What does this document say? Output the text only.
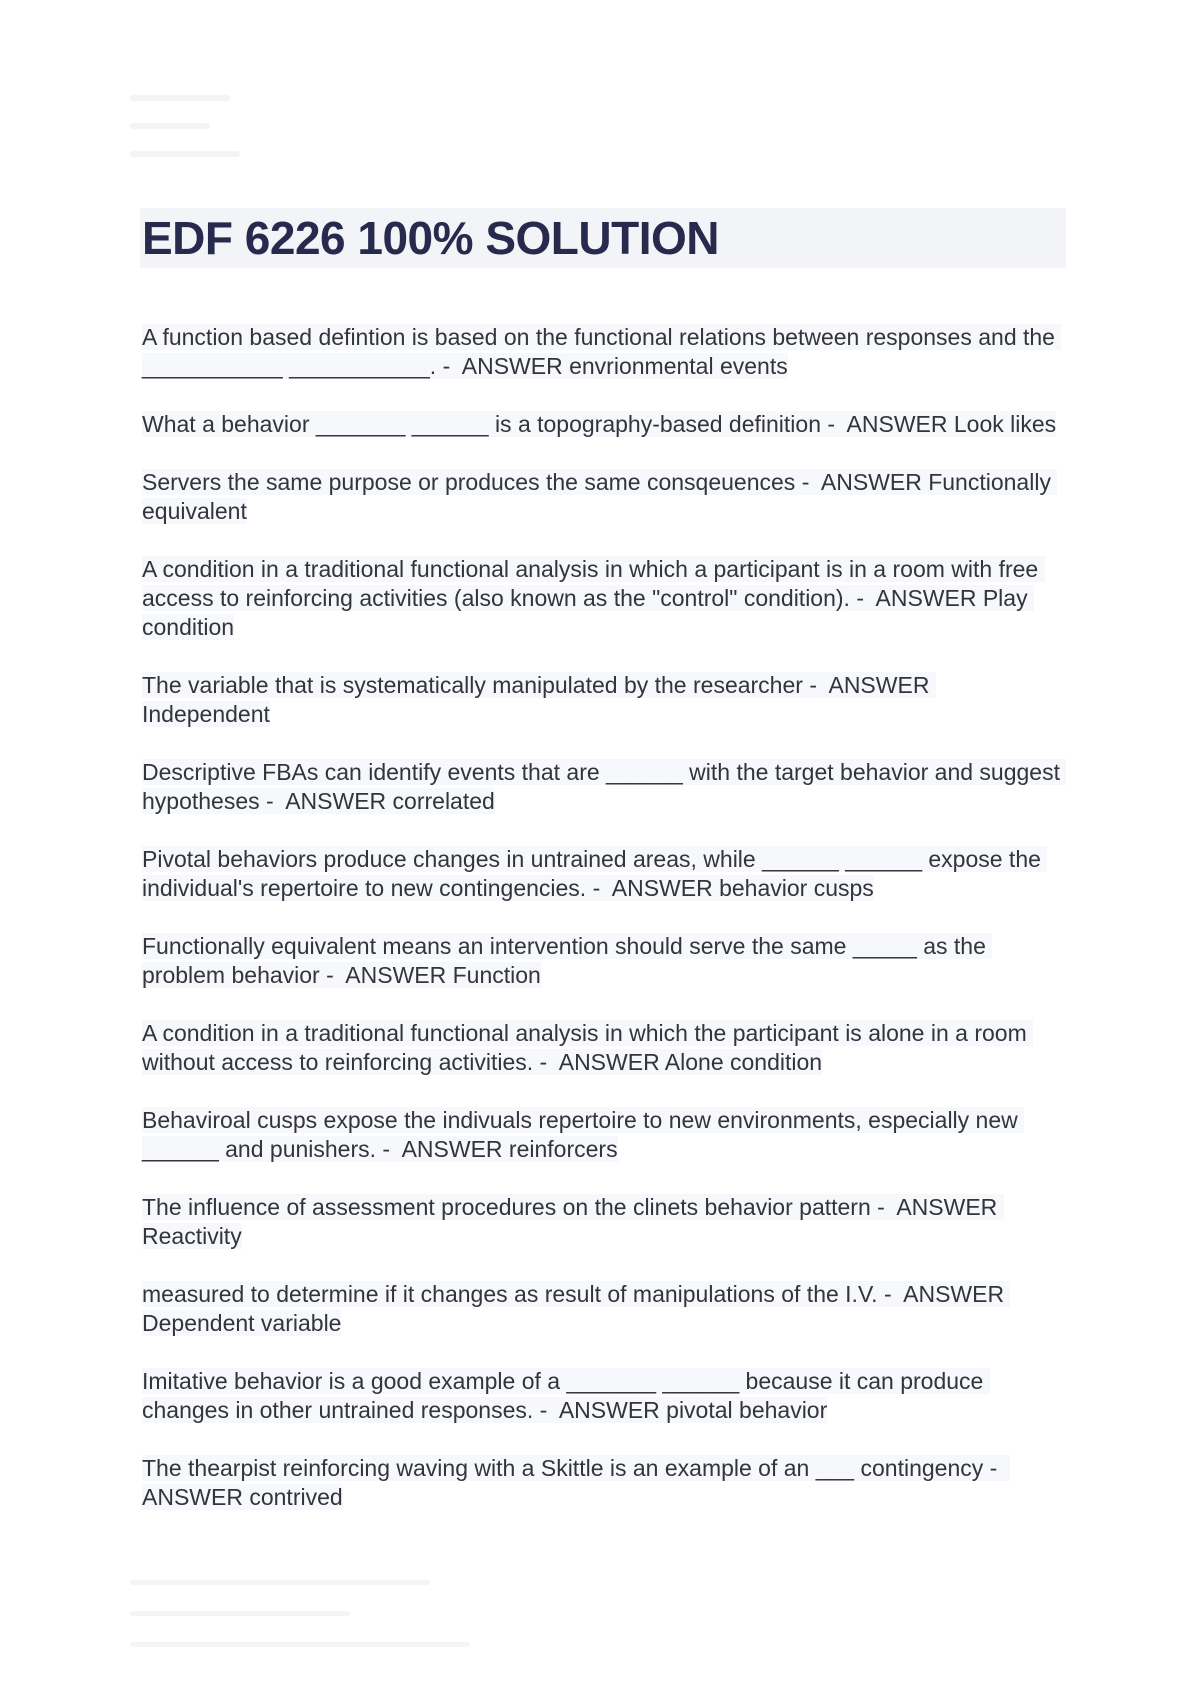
EDF 6226 100% SOLUTION
A function based defintion is based on the functional relations between responses and the ___________ ___________. -  ANSWER envrionmental events
What a behavior _______ ______ is a topography-based definition -  ANSWER Look likes
Servers the same purpose or produces the same consqeuences -  ANSWER Functionally equivalent
A condition in a traditional functional analysis in which a participant is in a room with free access to reinforcing activities (also known as the "control" condition). -  ANSWER Play condition
The variable that is systematically manipulated by the researcher -  ANSWER Independent
Descriptive FBAs can identify events that are ______ with the target behavior and suggest hypotheses -  ANSWER correlated
Pivotal behaviors produce changes in untrained areas, while ______ ______ expose the individual's repertoire to new contingencies. -  ANSWER behavior cusps
Functionally equivalent means an intervention should serve the same _____ as the problem behavior -  ANSWER Function
A condition in a traditional functional analysis in which the participant is alone in a room without access to reinforcing activities. -  ANSWER Alone condition
Behaviroal cusps expose the indivuals repertoire to new environments, especially new ______ and punishers. -  ANSWER reinforcers
The influence of assessment procedures on the clinets behavior pattern -  ANSWER Reactivity
measured to determine if it changes as result of manipulations of the I.V. -  ANSWER Dependent variable
Imitative behavior is a good example of a _______ ______ because it can produce changes in other untrained responses. -  ANSWER pivotal behavior
The thearpist reinforcing waving with a Skittle is an example of an ___ contingency -  ANSWER contrived
